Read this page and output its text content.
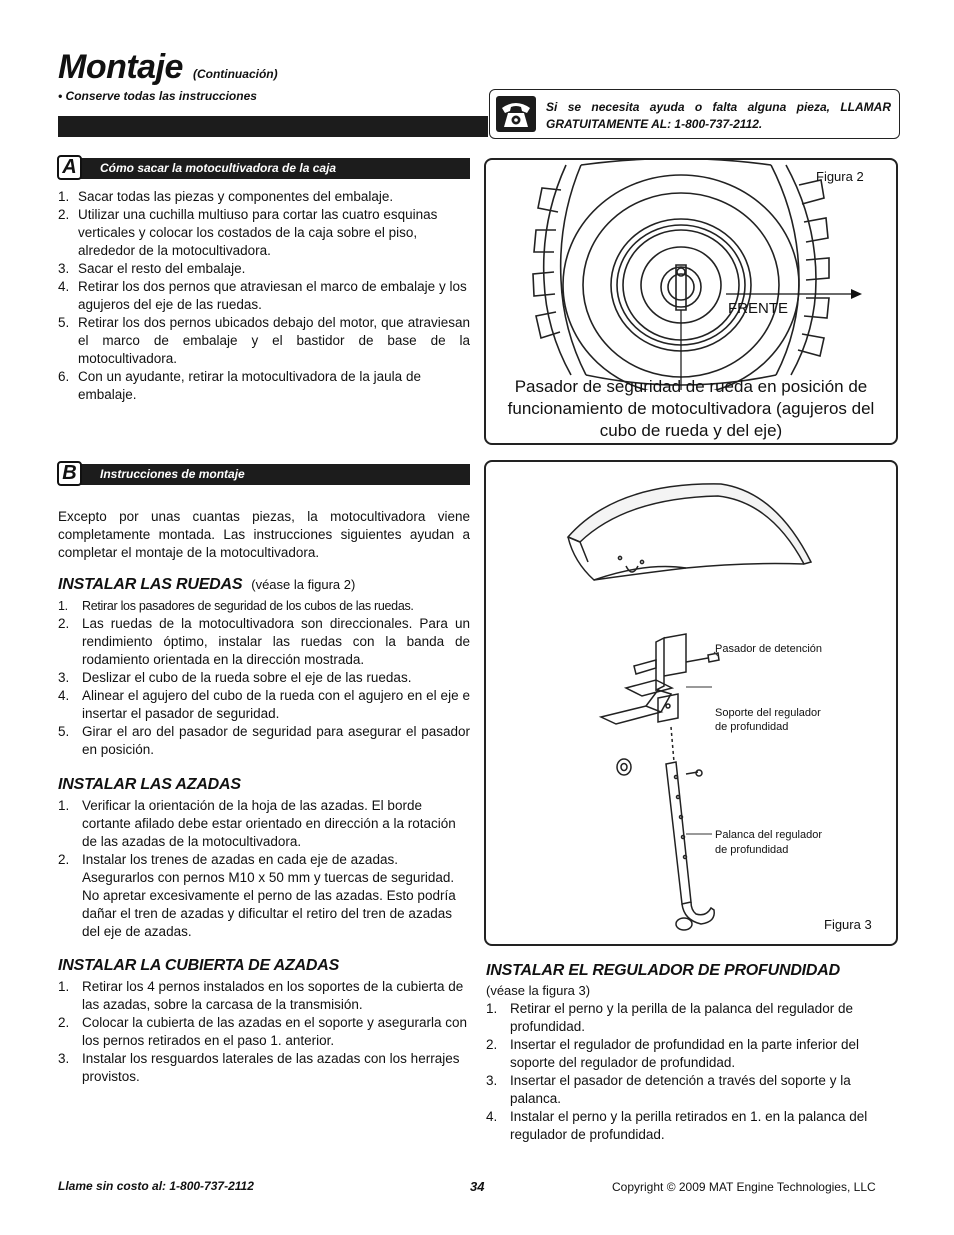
Montaje (Continuación)
• Conserve todas las instrucciones
Si se necesita ayuda o falta alguna pieza, LLAMAR GRATUITAMENTE AL: 1-800-737-2112.
A	Cómo sacar la motocultivadora de la caja
1. Sacar todas las piezas y componentes del embalaje.
2. Utilizar una cuchilla multiuso para cortar las cuatro esquinas verticales y colocar los costados de la caja sobre el piso, alrededor de la motocultivadora.
3. Sacar el resto del embalaje.
4. Retirar los dos pernos que atraviesan el marco de embalaje y los agujeros del eje de las ruedas.
5. Retirar los dos pernos ubicados debajo del motor, que atraviesan el marco de embalaje y el bastidor de base de la motocultivadora.
6. Con un ayudante, retirar la motocultivadora de la jaula de embalaje.
Figura 2
FRENTE
Pasador de seguridad de rueda en posición de funcionamiento de motocultivadora (agujeros del cubo de rueda y del eje)
B	Instrucciones de montaje
Excepto por unas cuantas piezas, la motocultivadora viene completamente montada. Las instrucciones siguientes ayudan a completar el montaje de la motocultivadora.
INSTALAR LAS RUEDAS (véase la figura 2)
1. Retirar los pasadores de seguridad de los cubos de las ruedas.
2. Las ruedas de la motocultivadora son direccionales. Para un rendimiento óptimo, instalar las ruedas con la banda de rodamiento orientada en la dirección mostrada.
3. Deslizar el cubo de la rueda sobre el eje de las ruedas.
4. Alinear el agujero del cubo de la rueda con el agujero en el eje e insertar el pasador de seguridad.
5. Girar el aro del pasador de seguridad para asegurar el pasador en posición.
INSTALAR LAS AZADAS
1. Verificar la orientación de la hoja de las azadas. El borde cortante afilado debe estar orientado en dirección a la rotación de las azadas de la motocultivadora.
2. Instalar los trenes de azadas en cada eje de azadas. Asegurarlos con pernos M10 x 50 mm y tuercas de seguridad. No apretar excesivamente el perno de las azadas. Esto podría dañar el tren de azadas y dificultar el retiro del tren de azadas del eje de azadas.
INSTALAR LA CUBIERTA DE AZADAS
1. Retirar los 4 pernos instalados en los soportes de la cubierta de las azadas, sobre la carcasa de la transmisión.
2. Colocar la cubierta de las azadas en el soporte y asegurarla con los pernos retirados en el paso 1. anterior.
3. Instalar los resguardos laterales de las azadas con los herrajes provistos.
Pasador de detención
Soporte del regulador
de profundidad
Palanca del regulador
de profundidad
Figura 3
INSTALAR EL REGULADOR DE PROFUNDIDAD
(véase la figura 3)
1. Retirar el perno y la perilla de la palanca del regulador de profundidad.
2. Insertar el regulador de profundidad en la parte inferior del soporte del regulador de profundidad.
3. Insertar el pasador de detención a través del soporte y la palanca.
4. Instalar el perno y la perilla retirados en 1. en la palanca del regulador de profundidad.
Llame sin costo al: 1-800-737-2112	34	Copyright © 2009 MAT Engine Technologies, LLC
